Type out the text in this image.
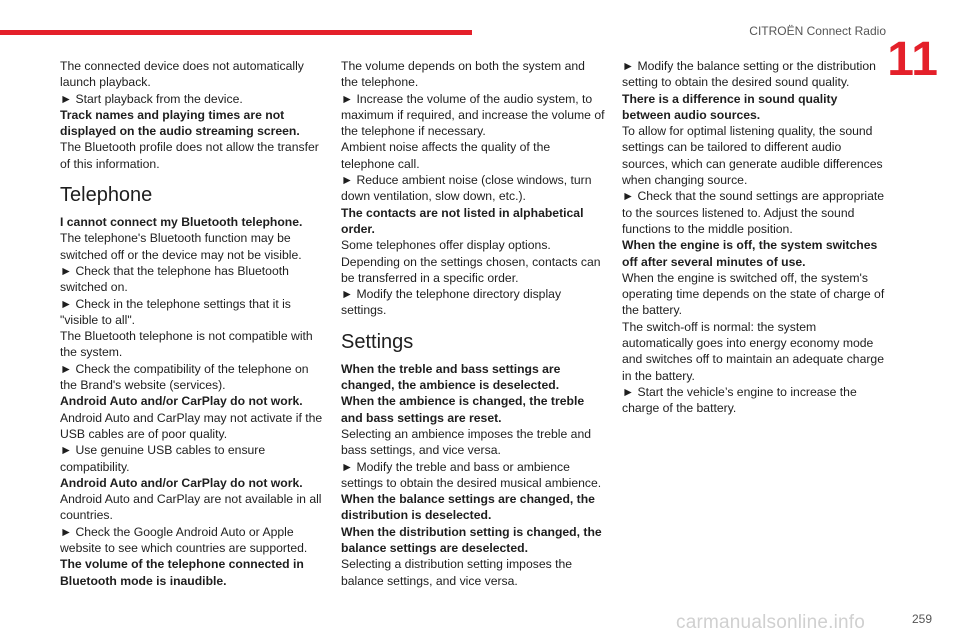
CITROËN Connect Radio
11

The connected device does not automatically launch playback.

► Start playback from the device.

Track names and playing times are not displayed on the audio streaming screen.

The Bluetooth profile does not allow the transfer of this information.

Telephone

I cannot connect my Bluetooth telephone.

The telephone's Bluetooth function may be switched off or the device may not be visible.

► Check that the telephone has Bluetooth switched on.

► Check in the telephone settings that it is "visible to all".

The Bluetooth telephone is not compatible with the system.

► Check the compatibility of the telephone on the Brand's website (services).

Android Auto and/or CarPlay do not work.

Android Auto and CarPlay may not activate if the USB cables are of poor quality.

► Use genuine USB cables to ensure compatibility.

Android Auto and/or CarPlay do not work.

Android Auto and CarPlay are not available in all countries.

► Check the Google Android Auto or Apple website to see which countries are supported.

The volume of the telephone connected in Bluetooth mode is inaudible.

The volume depends on both the system and the telephone.

► Increase the volume of the audio system, to maximum if required, and increase the volume of the telephone if necessary.

Ambient noise affects the quality of the telephone call.

► Reduce ambient noise (close windows, turn down ventilation, slow down, etc.).

The contacts are not listed in alphabetical order.

Some telephones offer display options. Depending on the settings chosen, contacts can be transferred in a specific order.

► Modify the telephone directory display settings.

Settings

When the treble and bass settings are changed, the ambience is deselected.

When the ambience is changed, the treble and bass settings are reset.

Selecting an ambience imposes the treble and bass settings, and vice versa.

► Modify the treble and bass or ambience settings to obtain the desired musical ambience.

When the balance settings are changed, the distribution is deselected.

When the distribution setting is changed, the balance settings are deselected.

Selecting a distribution setting imposes the balance settings, and vice versa.

► Modify the balance setting or the distribution setting to obtain the desired sound quality.

There is a difference in sound quality between audio sources.

To allow for optimal listening quality, the sound settings can be tailored to different audio sources, which can generate audible differences when changing source.

► Check that the sound settings are appropriate to the sources listened to. Adjust the sound functions to the middle position.

When the engine is off, the system switches off after several minutes of use.

When the engine is switched off, the system's operating time depends on the state of charge of the battery.

The switch-off is normal: the system automatically goes into energy economy mode and switches off to maintain an adequate charge in the battery.

► Start the vehicle’s engine to increase the charge of the battery.

carmanualsonline.info	259
